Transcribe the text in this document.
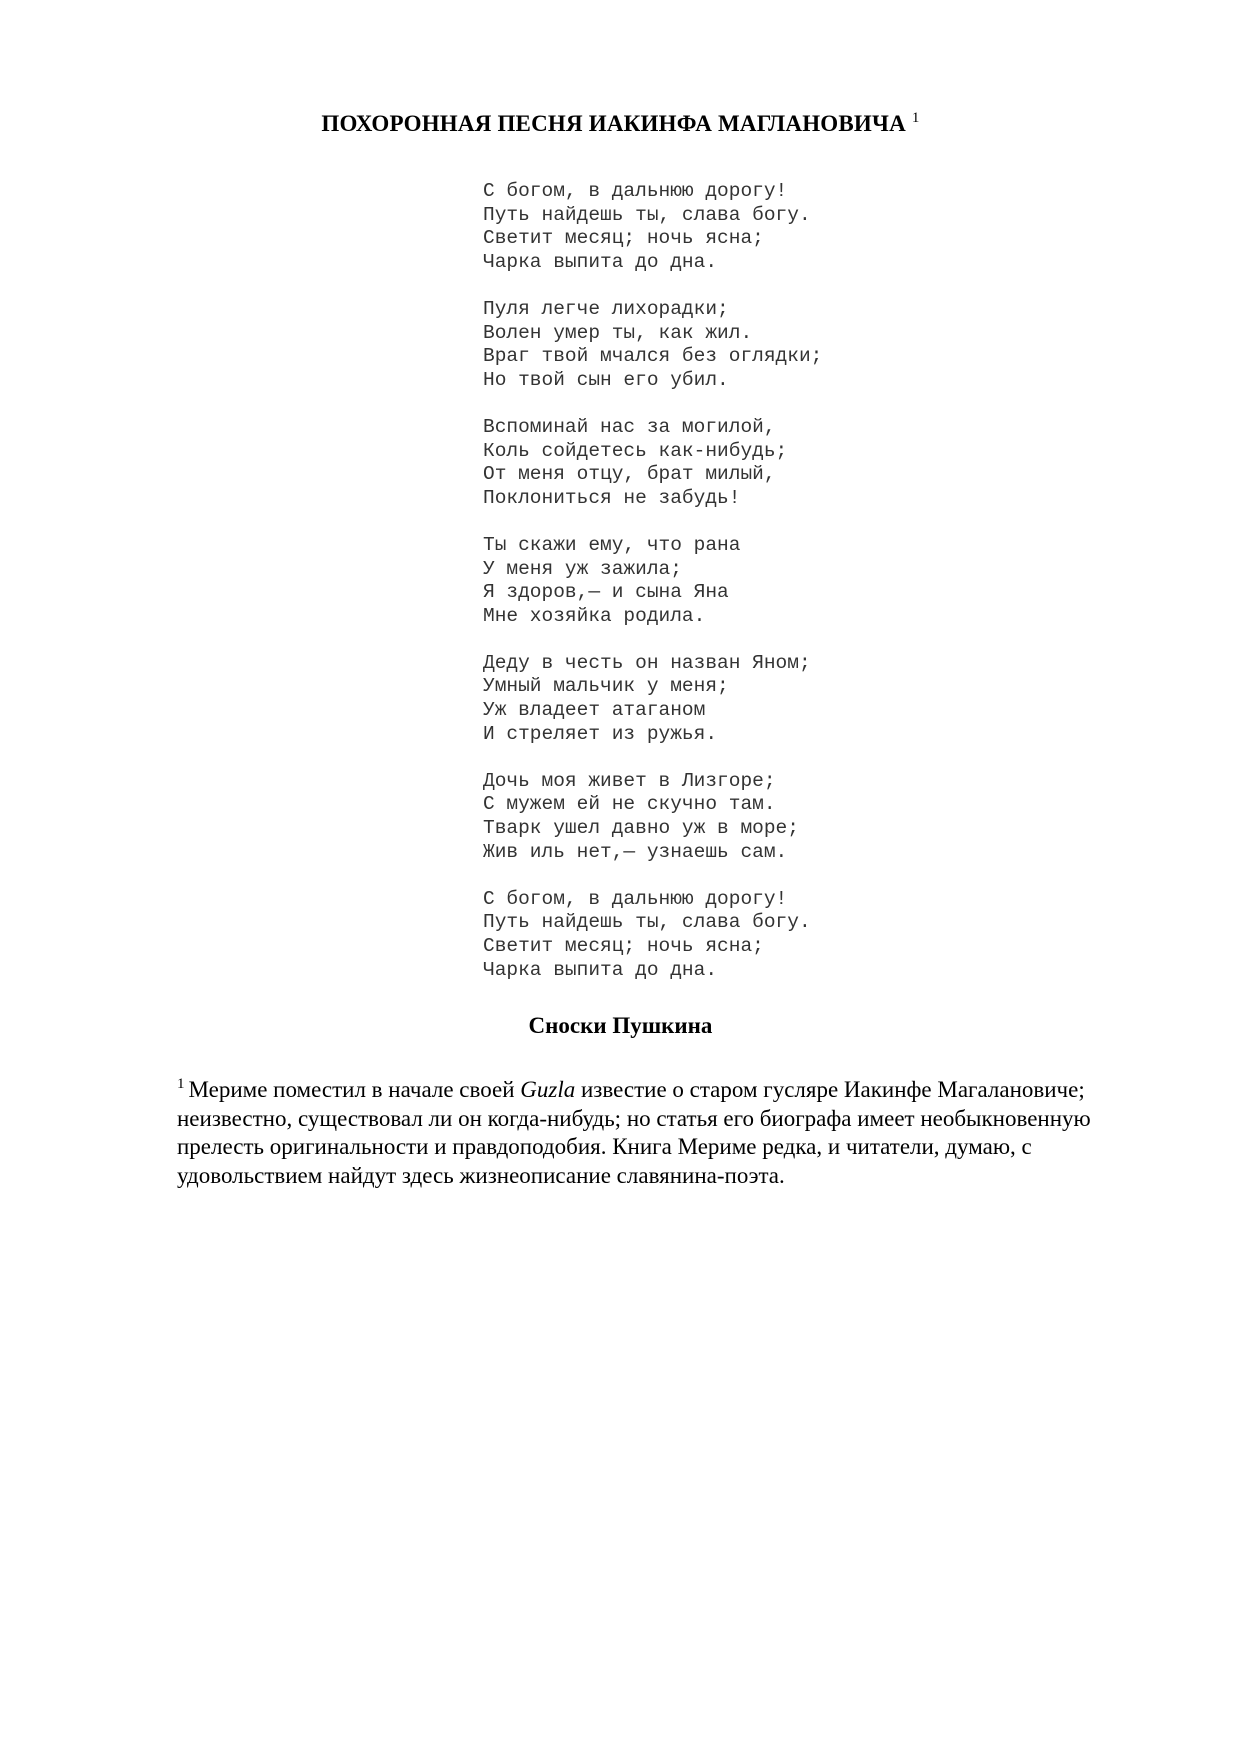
ПОХОРОННАЯ ПЕСНЯ ИАКИНФА МАГЛАНОВИЧА $^1$
С богом, в дальнюю дорогу!
Путь найдешь ты, слава богу.
Светит месяц; ночь ясна;
Чарка выпита до дна.
Пуля легче лихорадки;
Волен умер ты, как жил.
Враг твой мчался без оглядки;
Но твой сын его убил.
Вспоминай нас за могилой,
Коль сойдетесь как-нибудь;
От меня отцу, брат милый,
Поклониться не забудь!
Ты скажи ему, что рана
У меня уж зажила;
Я здоров,— и сына Яна
Мне хозяйка родила.
Деду в честь он назван Яном;
Умный мальчик у меня;
Уж владеет атаганом
И стреляет из ружья.
Дочь моя живет в Лизгоре;
С мужем ей не скучно там.
Тварк ушел давно уж в море;
Жив иль нет,— узнаешь сам.
С богом, в дальнюю дорогу!
Путь найдешь ты, слава богу.
Светит месяц; ночь ясна;
Чарка выпита до дна.
Сноски Пушкина
$^1$ Мериме поместил в начале своей Guzla известие о старом гусляре Иакинфе Магалановиче; неизвестно, существовал ли он когда-нибудь; но статья его биографа имеет необыкновенную прелесть оригинальности и правдоподобия. Книга Мериме редка, и читатели, думаю, с удовольствием найдут здесь жизнеописание славянина-поэта.
